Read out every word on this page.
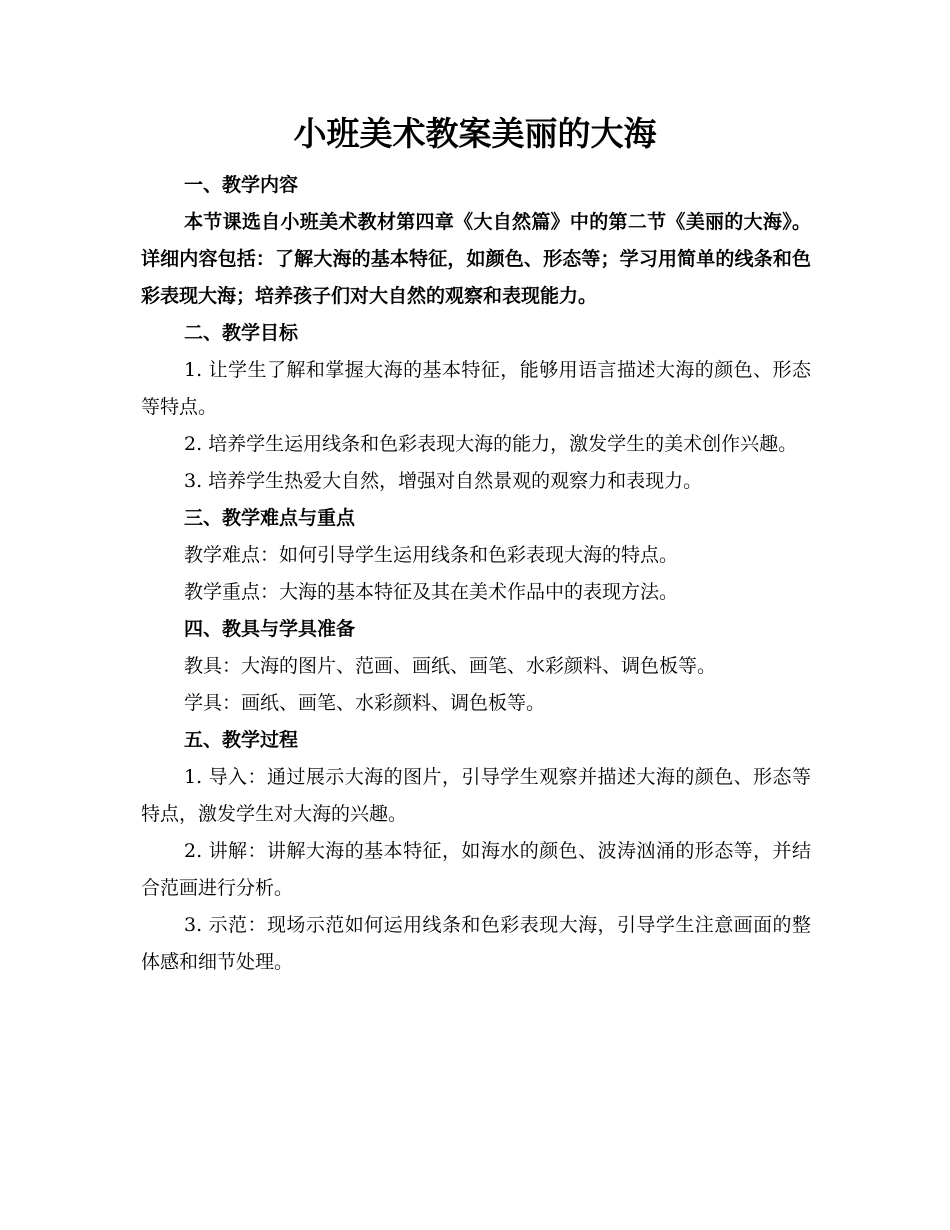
小班美术教案美丽的大海

一、教学内容

本节课选自小班美术教材第四章《大自然篇》中的第二节《美丽的大海》。详细内容包括：了解大海的基本特征，如颜色、形态等；学习用简单的线条和色彩表现大海；培养孩子们对大自然的观察和表现能力。

二、教学目标

1. 让学生了解和掌握大海的基本特征，能够用语言描述大海的颜色、形态等特点。

2. 培养学生运用线条和色彩表现大海的能力，激发学生的美术创作兴趣。

3. 培养学生热爱大自然，增强对自然景观的观察力和表现力。

三、教学难点与重点

教学难点：如何引导学生运用线条和色彩表现大海的特点。

教学重点：大海的基本特征及其在美术作品中的表现方法。

四、教具与学具准备

教具：大海的图片、范画、画纸、画笔、水彩颜料、调色板等。

学具：画纸、画笔、水彩颜料、调色板等。

五、教学过程

1. 导入：通过展示大海的图片，引导学生观察并描述大海的颜色、形态等特点，激发学生对大海的兴趣。

2. 讲解：讲解大海的基本特征，如海水的颜色、波涛汹涌的形态等，并结合范画进行分析。

3. 示范：现场示范如何运用线条和色彩表现大海，引导学生注意画面的整体感和细节处理。
